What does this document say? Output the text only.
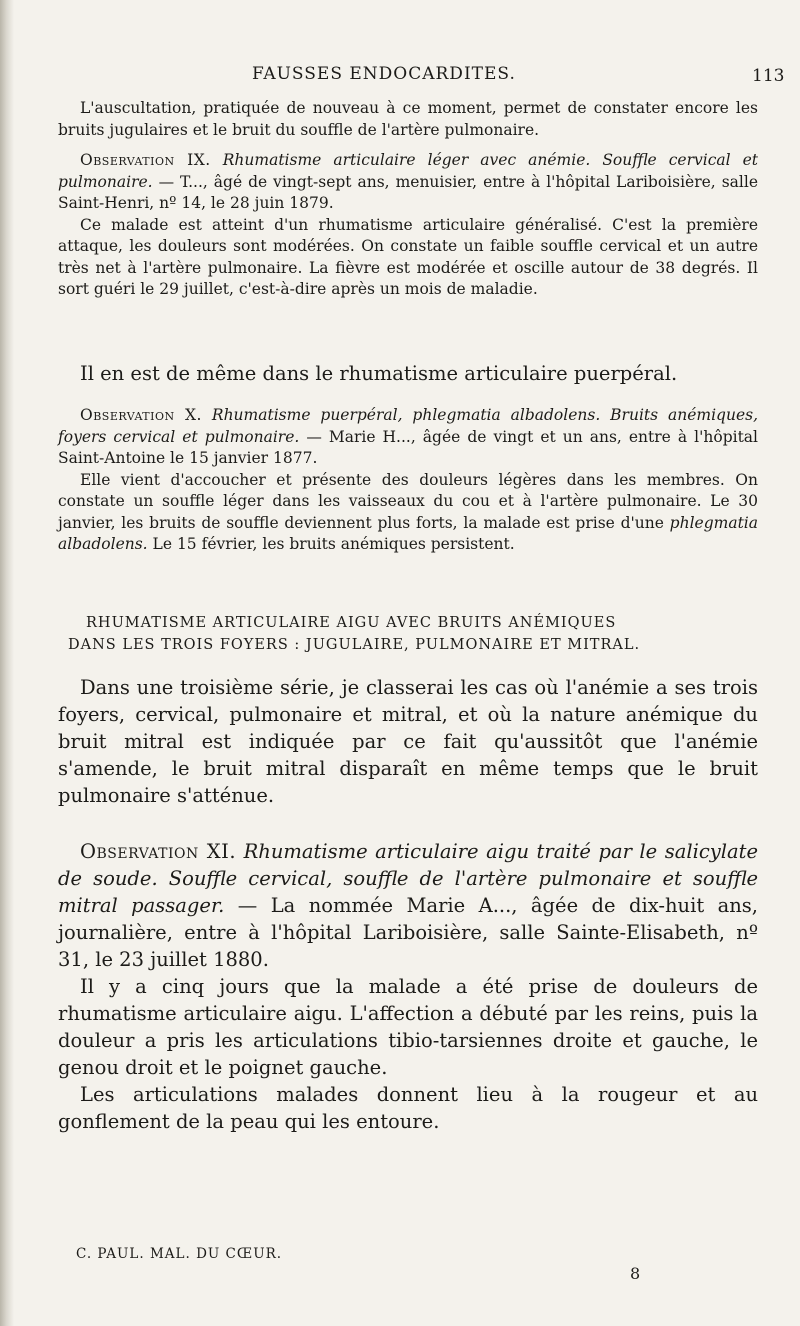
FAUSSES ENDOCARDITES.	113

L'auscultation, pratiquée de nouveau à ce moment, permet de constater encore les bruits jugulaires et le bruit du souffle de l'artère pulmonaire.

Observation IX. Rhumatisme articulaire léger avec anémie. Souffle cervical et pulmonaire. — T..., âgé de vingt-sept ans, menuisier, entre à l'hôpital Lariboisière, salle Saint-Henri, nº 14, le 28 juin 1879.

Ce malade est atteint d'un rhumatisme articulaire généralisé. C'est la première attaque, les douleurs sont modérées. On constate un faible souffle cervical et un autre très net à l'artère pulmonaire. La fièvre est modérée et oscille autour de 38 degrés. Il sort guéri le 29 juillet, c'est-à-dire après un mois de maladie.

Il en est de même dans le rhumatisme articulaire puerpéral.

Observation X. Rhumatisme puerpéral, phlegmatia albadolens. Bruits anémiques, foyers cervical et pulmonaire. — Marie H..., âgée de vingt et un ans, entre à l'hôpital Saint-Antoine le 15 janvier 1877.

Elle vient d'accoucher et présente des douleurs légères dans les membres. On constate un souffle léger dans les vaisseaux du cou et à l'artère pulmonaire. Le 30 janvier, les bruits de souffle deviennent plus forts, la malade est prise d'une phlegmatia albadolens. Le 15 février, les bruits anémiques persistent.

RHUMATISME ARTICULAIRE AIGU AVEC BRUITS ANÉMIQUES
DANS LES TROIS FOYERS : JUGULAIRE, PULMONAIRE ET MITRAL.

Dans une troisième série, je classerai les cas où l'anémie a ses trois foyers, cervical, pulmonaire et mitral, et où la nature anémique du bruit mitral est indiquée par ce fait qu'aussitôt que l'anémie s'amende, le bruit mitral disparaît en même temps que le bruit pulmonaire s'atténue.

Observation XI. Rhumatisme articulaire aigu traité par le salicylate de soude. Souffle cervical, souffle de l'artère pulmonaire et souffle mitral passager. — La nommée Marie A..., âgée de dix-huit ans, journalière, entre à l'hôpital Lariboisière, salle Sainte-Elisabeth, nº 31, le 23 juillet 1880.

Il y a cinq jours que la malade a été prise de douleurs de rhumatisme articulaire aigu. L'affection a débuté par les reins, puis la douleur a pris les articulations tibio-tarsiennes droite et gauche, le genou droit et le poignet gauche.

Les articulations malades donnent lieu à la rougeur et au gonflement de la peau qui les entoure.

C. PAUL. MAL. DU CŒUR.
8
